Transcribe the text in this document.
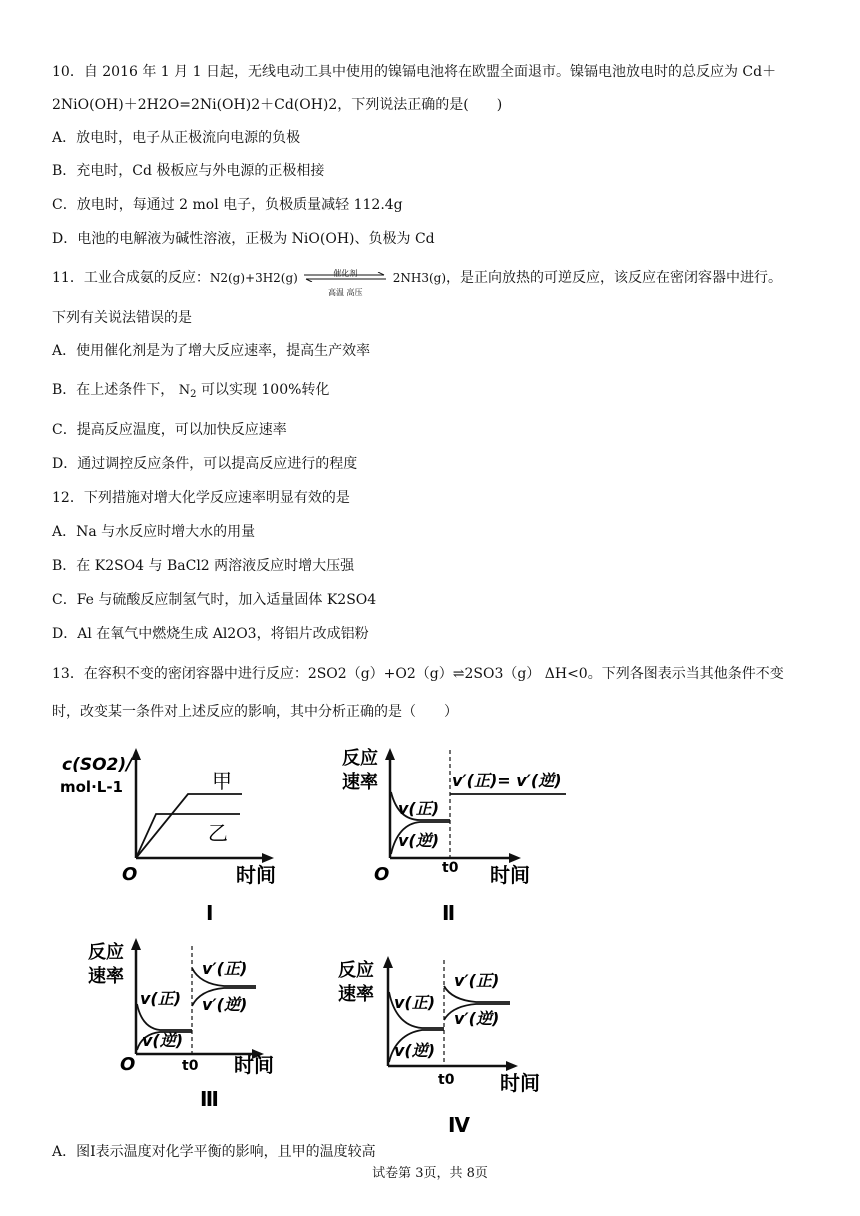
10．自 2016 年 1 月 1 日起，无线电动工具中使用的镍镉电池将在欧盟全面退市。镍镉电池放电时的总反应为 Cd＋
2NiO(OH)＋2H2O=2Ni(OH)2＋Cd(OH)2，下列说法正确的是(　　)
A．放电时，电子从正极流向电源的负极
B．充电时，Cd 极板应与外电源的正极相接
C．放电时，每通过 2 mol 电子，负极质量减轻 112.4g
D．电池的电解液为碱性溶液，正极为 NiO(OH)、负极为 Cd
11．工业合成氨的反应：N2(g)+3H2(g)	催化剂
高温 高压
2NH3(g)，是正向放热的可逆反应，该反应在密闭容器中进行。
下列有关说法错误的是
A．使用催化剂是为了增大反应速率，提高生产效率
B．在上述条件下， $N_2$ 可以实现 100%转化
C．提高反应温度，可以加快反应速率
D．通过调控反应条件，可以提高反应进行的程度
12．下列措施对增大化学反应速率明显有效的是
A．Na 与水反应时增大水的用量
B．在 K2SO4 与 BaCl2 两溶液反应时增大压强
C．Fe 与硫酸反应制氢气时，加入适量固体 K2SO4
D．Al 在氧气中燃烧生成 Al2O3，将铝片改成铝粉
13．在容积不变的密闭容器中进行反应：2SO2（g）+O2（g）⇌2SO3（g） ΔH<0。下列各图表示当其他条件不变
时，改变某一条件对上述反应的影响，其中分析正确的是（　　）
c(SO2)/
mol·L-1	甲
乙
O	时间
Ⅰ
反应
速率
v(正)
v(逆)
v′(正)= v′(逆)
O	t0 时间
Ⅱ
反应
速率
v(正)
v(逆)
v′(正)
v′(逆)
O	t0 时间
Ⅲ
反应
速率 v(正)
v(逆)
v′(正)
v′(逆)
t0 时间
Ⅳ
A．图I表示温度对化学平衡的影响，且甲的温度较高
试卷第 3页，共 8页
